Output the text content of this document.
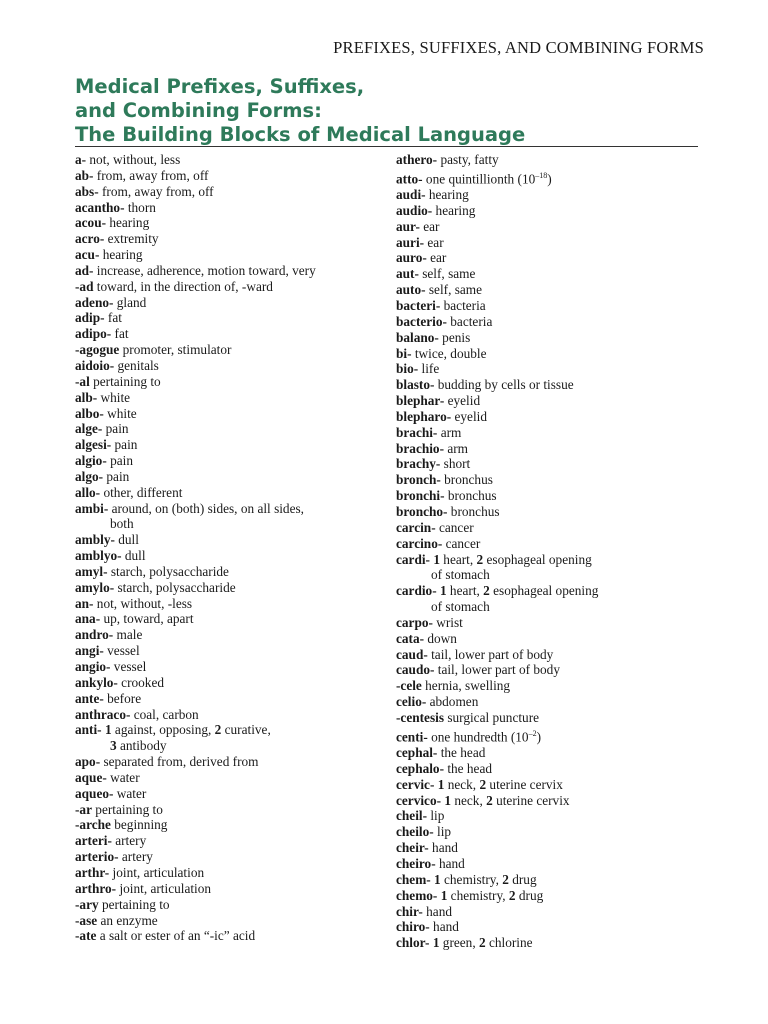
PREFIXES, SUFFIXES, AND COMBINING FORMS
Medical Prefixes, Suffixes,
and Combining Forms:
The Building Blocks of Medical Language
a- not, without, less
ab- from, away from, off
abs- from, away from, off
acantho- thorn
acou- hearing
acro- extremity
acu- hearing
ad- increase, adherence, motion toward, very
-ad toward, in the direction of, -ward
adeno- gland
adip- fat
adipo- fat
-agogue promoter, stimulator
aidoio- genitals
-al pertaining to
alb- white
albo- white
alge- pain
algesi- pain
algio- pain
algo- pain
allo- other, different
ambi- around, on (both) sides, on all sides,
both
ambly- dull
amblyo- dull
amyl- starch, polysaccharide
amylo- starch, polysaccharide
an- not, without, -less
ana- up, toward, apart
andro- male
angi- vessel
angio- vessel
ankylo- crooked
ante- before
anthraco- coal, carbon
anti- 1 against, opposing, 2 curative,
3 antibody
apo- separated from, derived from
aque- water
aqueo- water
-ar pertaining to
-arche beginning
arteri- artery
arterio- artery
arthr- joint, articulation
arthro- joint, articulation
-ary pertaining to
-ase an enzyme
-ate a salt or ester of an “-ic” acid
athero- pasty, fatty
atto- one quintillionth $(10^{-18})$
audi- hearing
audio- hearing
aur- ear
auri- ear
auro- ear
aut- self, same
auto- self, same
bacteri- bacteria
bacterio- bacteria
balano- penis
bi- twice, double
bio- life
blasto- budding by cells or tissue
blephar- eyelid
blepharo- eyelid
brachi- arm
brachio- arm
brachy- short
bronch- bronchus
bronchi- bronchus
broncho- bronchus
carcin- cancer
carcino- cancer
cardi- 1 heart, 2 esophageal opening
of stomach
cardio- 1 heart, 2 esophageal opening
of stomach
carpo- wrist
cata- down
caud- tail, lower part of body
caudo- tail, lower part of body
-cele hernia, swelling
celio- abdomen
-centesis surgical puncture
centi- one hundredth $(10^{-2})$
cephal- the head
cephalo- the head
cervic- 1 neck, 2 uterine cervix
cervico- 1 neck, 2 uterine cervix
cheil- lip
cheilo- lip
cheir- hand
cheiro- hand
chem- 1 chemistry, 2 drug
chemo- 1 chemistry, 2 drug
chir- hand
chiro- hand
chlor- 1 green, 2 chlorine
